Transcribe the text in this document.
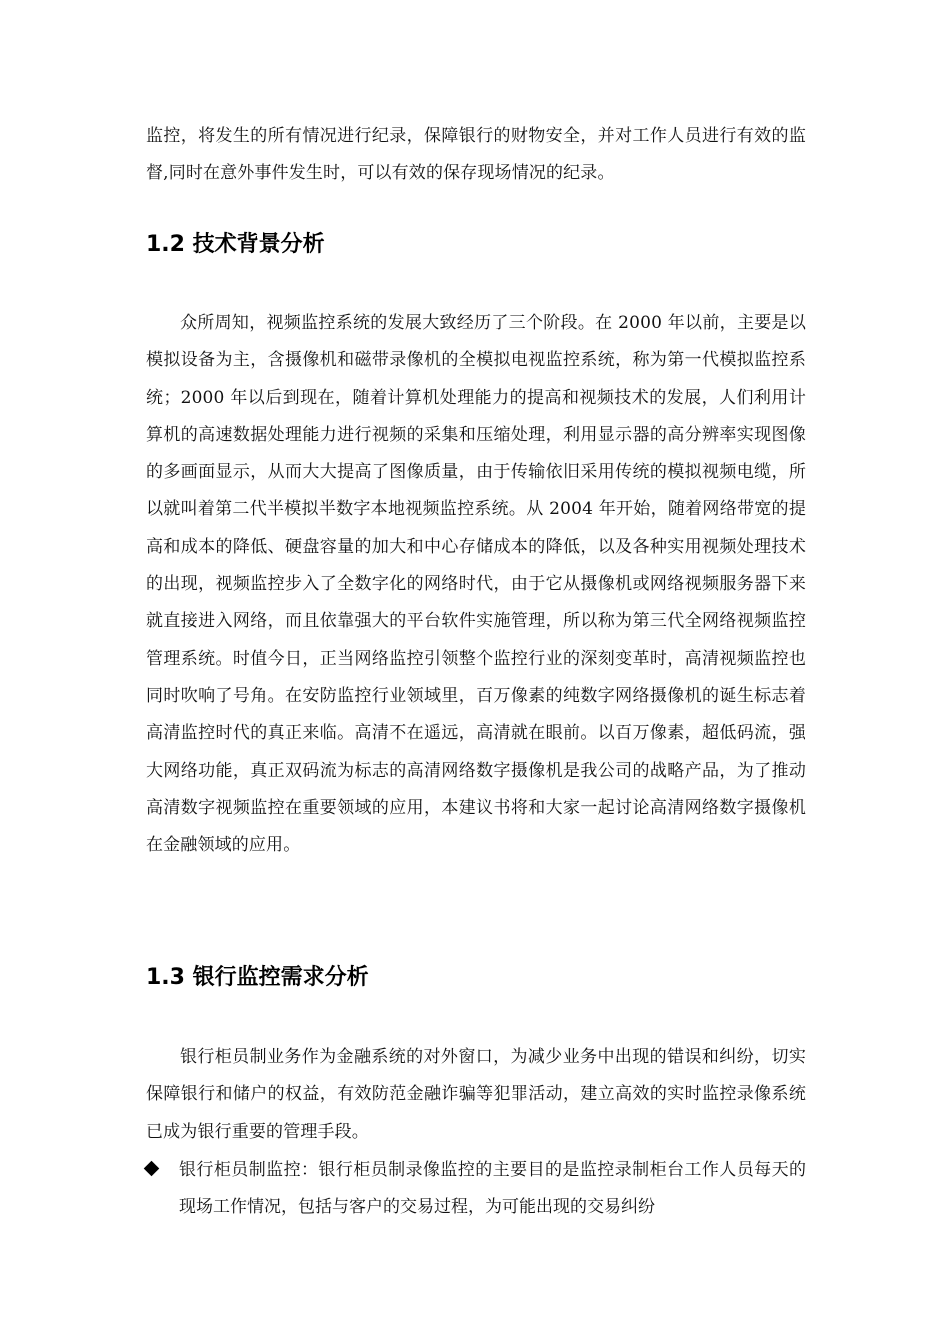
监控，将发生的所有情况进行纪录，保障银行的财物安全，并对工作人员进行有效的监督,同时在意外事件发生时，可以有效的保存现场情况的纪录。

1.2 技术背景分析

众所周知，视频监控系统的发展大致经历了三个阶段。在 2000 年以前，主要是以模拟设备为主，含摄像机和磁带录像机的全模拟电视监控系统，称为第一代模拟监控系统；2000 年以后到现在，随着计算机处理能力的提高和视频技术的发展，人们利用计算机的高速数据处理能力进行视频的采集和压缩处理，利用显示器的高分辨率实现图像的多画面显示，从而大大提高了图像质量，由于传输依旧采用传统的模拟视频电缆，所以就叫着第二代半模拟半数字本地视频监控系统。从 2004 年开始，随着网络带宽的提高和成本的降低、硬盘容量的加大和中心存储成本的降低，以及各种实用视频处理技术的出现，视频监控步入了全数字化的网络时代，由于它从摄像机或网络视频服务器下来就直接进入网络，而且依靠强大的平台软件实施管理，所以称为第三代全网络视频监控管理系统。时值今日，正当网络监控引领整个监控行业的深刻变革时，高清视频监控也同时吹响了号角。在安防监控行业领域里，百万像素的纯数字网络摄像机的诞生标志着高清监控时代的真正来临。高清不在遥远，高清就在眼前。以百万像素，超低码流，强大网络功能，真正双码流为标志的高清网络数字摄像机是我公司的战略产品，为了推动高清数字视频监控在重要领域的应用，本建议书将和大家一起讨论高清网络数字摄像机在金融领域的应用。

1.3 银行监控需求分析

银行柜员制业务作为金融系统的对外窗口，为减少业务中出现的错误和纠纷，切实保障银行和储户的权益，有效防范金融诈骗等犯罪活动，建立高效的实时监控录像系统已成为银行重要的管理手段。

银行柜员制监控：银行柜员制录像监控的主要目的是监控录制柜台工作人员每天的现场工作情况，包括与客户的交易过程，为可能出现的交易纠纷
